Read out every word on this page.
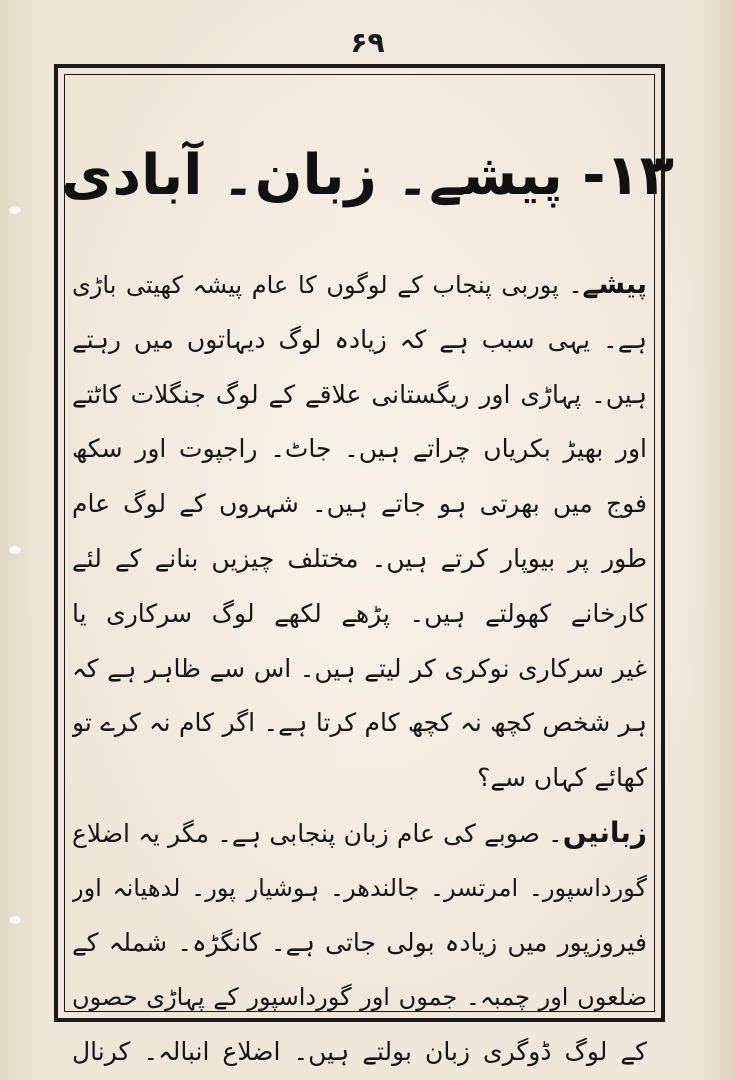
۶۹
۱۳- پیشے۔ زبان۔ آبادی
پیشے۔ پوربی پنجاب کے لوگوں کا عام پیشہ کھیتی باڑی
ہے۔ یہی سبب ہے کہ زیادہ لوگ دیہاتوں میں رہتے
ہیں۔ پہاڑی اور ریگستانی علاقے کے لوگ جنگلات کاٹتے
اور بھیڑ بکریاں چراتے ہیں۔ جاٹ۔ راجپوت اور سکھ
فوج میں بھرتی ہو جاتے ہیں۔ شہروں کے لوگ عام
طور پر بیوپار کرتے ہیں۔ مختلف چیزیں بنانے کے لئے
کارخانے کھولتے ہیں۔ پڑھے لکھے لوگ سرکاری یا
غیر سرکاری نوکری کر لیتے ہیں۔ اس سے ظاہر ہے کہ
ہر شخص کچھ نہ کچھ کام کرتا ہے۔ اگر کام نہ کرے تو
کھائے کہاں سے؟
زبانیں۔ صوبے کی عام زبان پنجابی ہے۔ مگر یہ اضلاع
گورداسپور۔ امرتسر۔ جالندھر۔ ہوشیار پور۔ لدھیانہ اور
فیروزپور میں زیادہ بولی جاتی ہے۔ کانگڑہ۔ شملہ کے
ضلعوں اور چمبہ۔ جموں اور گورداسپور کے پہاڑی حصوں
کے لوگ ڈوگری زبان بولتے ہیں۔ اضلاع انبالہ۔ کرنال
